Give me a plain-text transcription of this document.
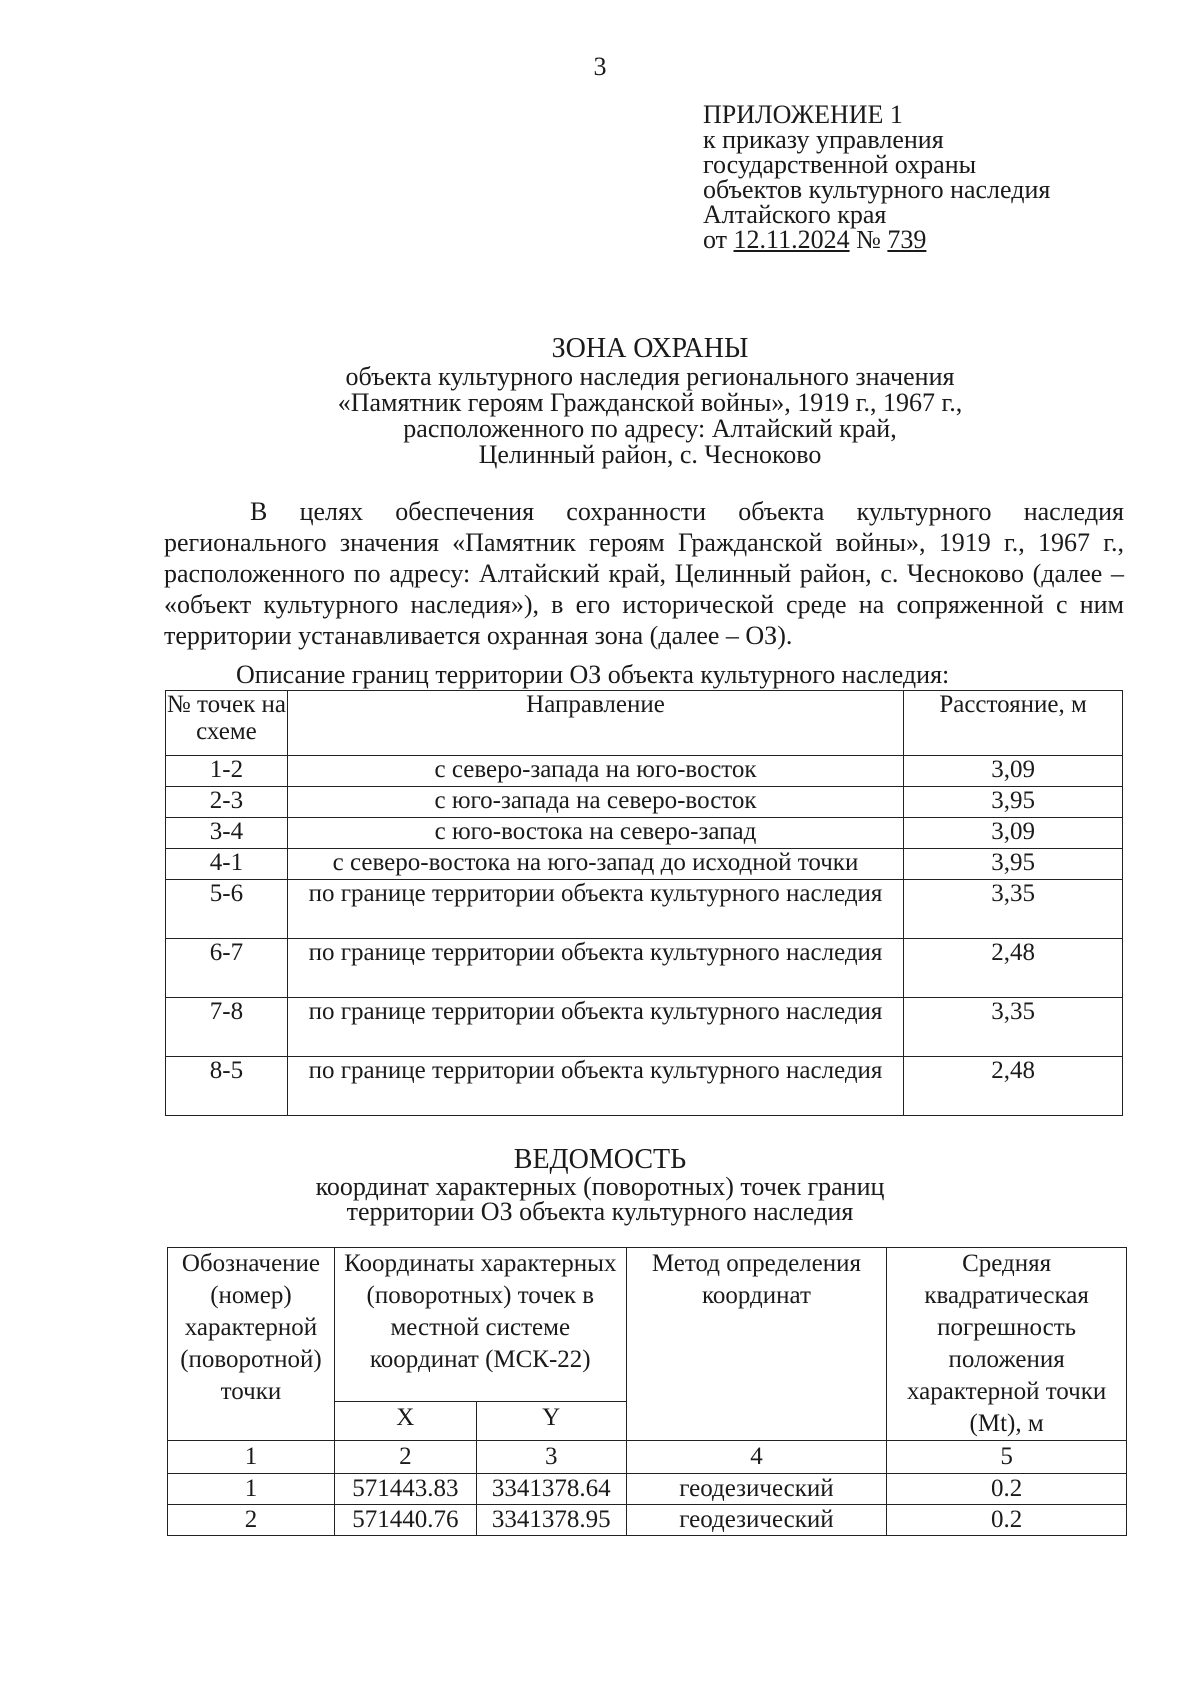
3
ПРИЛОЖЕНИЕ 1
к приказу управления
государственной охраны
объектов культурного наследия
Алтайского края
от 12.11.2024 № 739
ЗОНА ОХРАНЫ
объекта культурного наследия регионального значения
«Памятник героям Гражданской войны», 1919 г., 1967 г.,
расположенного по адресу: Алтайский край,
Целинный район, с. Чесноково

В целях обеспечения сохранности объекта культурного наследия регионального значения «Памятник героям Гражданской войны», 1919 г., 1967 г., расположенного по адресу: Алтайский край, Целинный район, с. Чесноково (далее – «объект культурного наследия»), в его исторической среде на сопряженной с ним территории устанавливается охранная зона (далее – ОЗ).

Описание границ территории ОЗ объекта культурного наследия:
№ точек на схеме	Направление	Расстояние, м
1-2	с северо-запада на юго-восток	3,09
2-3	с юго-запада на северо-восток	3,95
3-4	с юго-востока на северо-запад	3,09
4-1	с северо-востока на юго-запад до исходной точки	3,95
5-6	по границе территории объекта культурного наследия	3,35
6-7	по границе территории объекта культурного наследия	2,48
7-8	по границе территории объекта культурного наследия	3,35
8-5	по границе территории объекта культурного наследия	2,48
ВЕДОМОСТЬ
координат характерных (поворотных) точек границ
территории ОЗ объекта культурного наследия
Обозначение (номер) характерной (поворотной) точки	Координаты характерных (поворотных) точек в местной системе координат (МСК-22)		Метод определения координат	Средняя квадратическая погрешность положения характерной точки (Mt), м
	X	Y		
1	2	3	4	5
1	571443.83	3341378.64	геодезический	0.2
2	571440.76	3341378.95	геодезический	0.2
